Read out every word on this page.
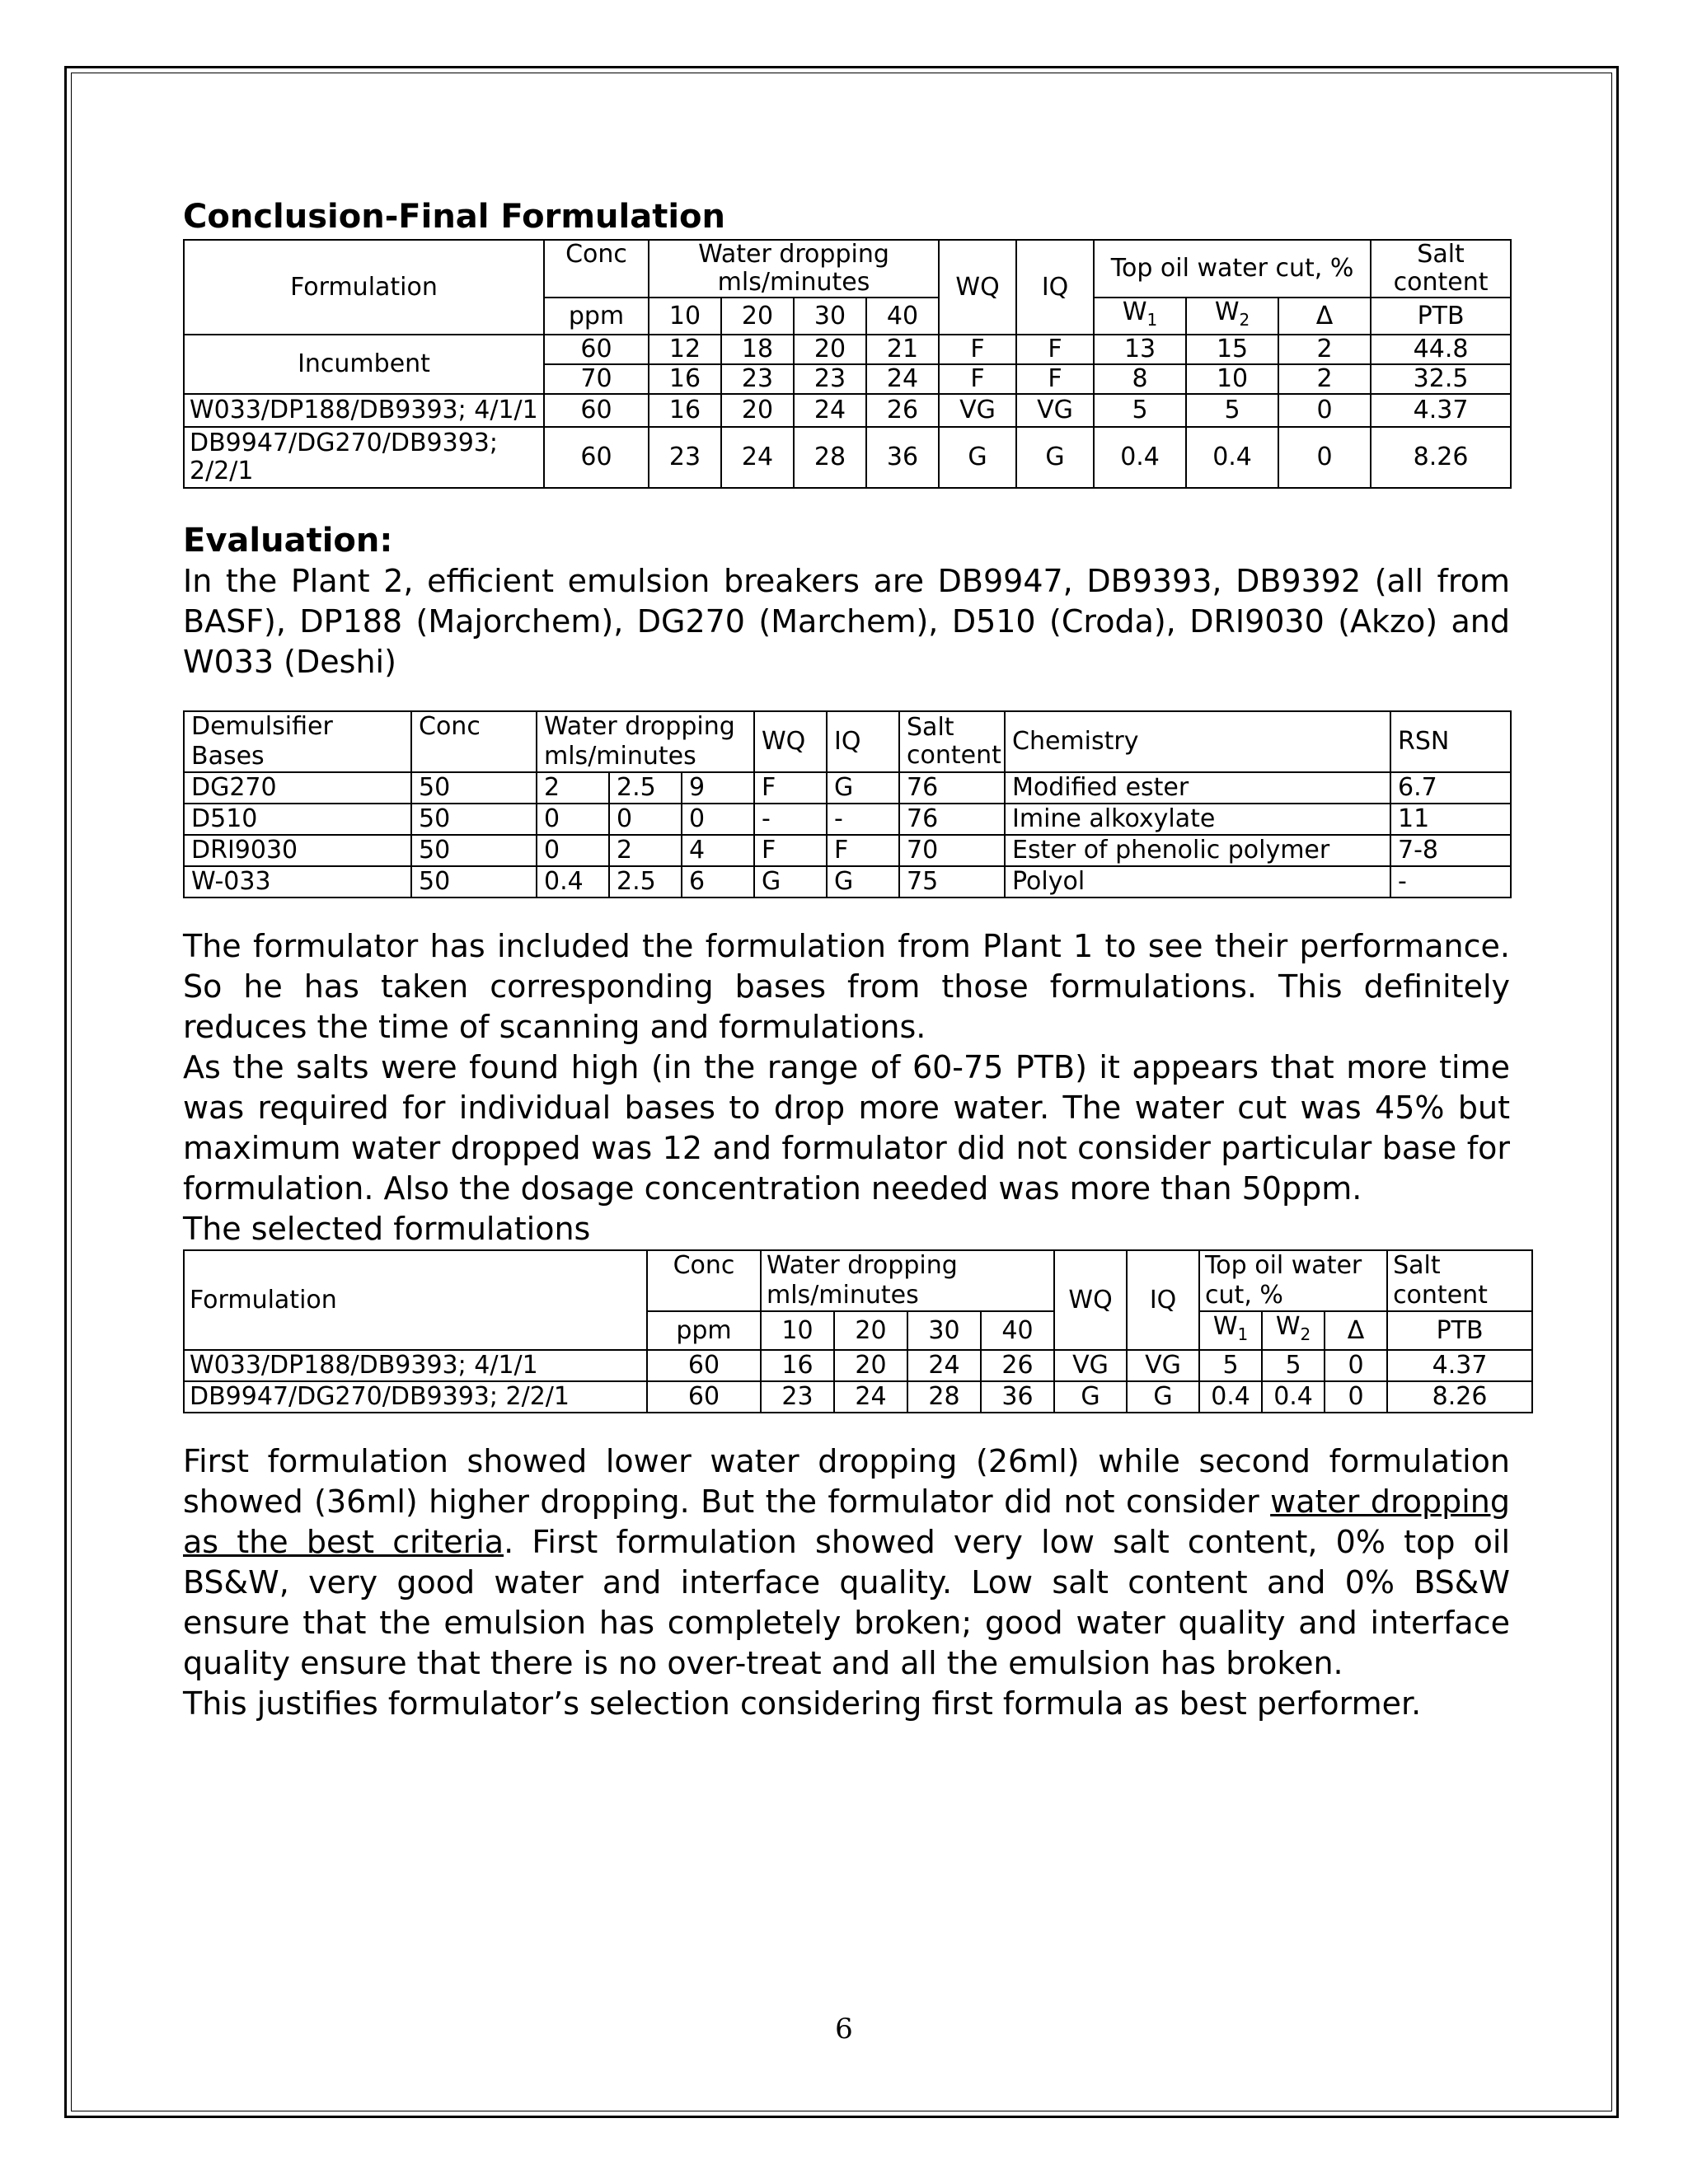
Conclusion-Final Formulation
Formulation	Conc	Water dropping mls/minutes				WQ	IQ	Top oil water cut, %			Salt content
	ppm	10	20	30	40			$W_1$	$W_2$	Δ	PTB
Incumbent	60	12	18	20	21	F	F	13	15	2	44.8
	70	16	23	23	24	F	F	8	10	2	32.5
W033/DP188/DB9393; 4/1/1	60	16	20	24	26	VG	VG	5	5	0	4.37
DB9947/DG270/DB9393; 2/2/1	60	23	24	28	36	G	G	0.4	0.4	0	8.26
Evaluation:

In the Plant 2, efficient emulsion breakers are DB9947, DB9393, DB9392 (all from BASF), DP188 (Majorchem), DG270 (Marchem), D510 (Croda), DRI9030 (Akzo) and W033 (Deshi)

Demulsifier Bases	Conc	Water dropping mls/minutes			WQ	IQ	Salt content	Chemistry	RSN
DG270	50	2	2.5	9	F	G	76	Modified ester	6.7
D510	50	0	0	0	-	-	76	Imine alkoxylate	11
DRI9030	50	0	2	4	F	F	70	Ester of phenolic polymer	7-8
W-033	50	0.4	2.5	6	G	G	75	Polyol	-

The formulator has included the formulation from Plant 1 to see their performance. So he has taken corresponding bases from those formulations. This definitely reduces the time of scanning and formulations.

As the salts were found high (in the range of 60-75 PTB) it appears that more time was required for individual bases to drop more water. The water cut was 45% but maximum water dropped was 12 and formulator did not consider particular base for formulation. Also the dosage concentration needed was more than 50ppm.

The selected formulations

Formulation	Conc	Water dropping mls/minutes				WQ	IQ	Top oil water cut, %			Salt content
	ppm	10	20	30	40			$W_1$	$W_2$	Δ	PTB
W033/DP188/DB9393; 4/1/1	60	16	20	24	26	VG	VG	5	5	0	4.37
DB9947/DG270/DB9393; 2/2/1	60	23	24	28	36	G	G	0.4	0.4	0	8.26

First formulation showed lower water dropping (26ml) while second formulation showed (36ml) higher dropping. But the formulator did not consider water dropping as the best criteria. First formulation showed very low salt content, 0% top oil BS&W, very good water and interface quality. Low salt content and 0% BS&W ensure that the emulsion has completely broken; good water quality and interface quality ensure that there is no over-treat and all the emulsion has broken.

This justifies formulator’s selection considering first formula as best performer.

6
